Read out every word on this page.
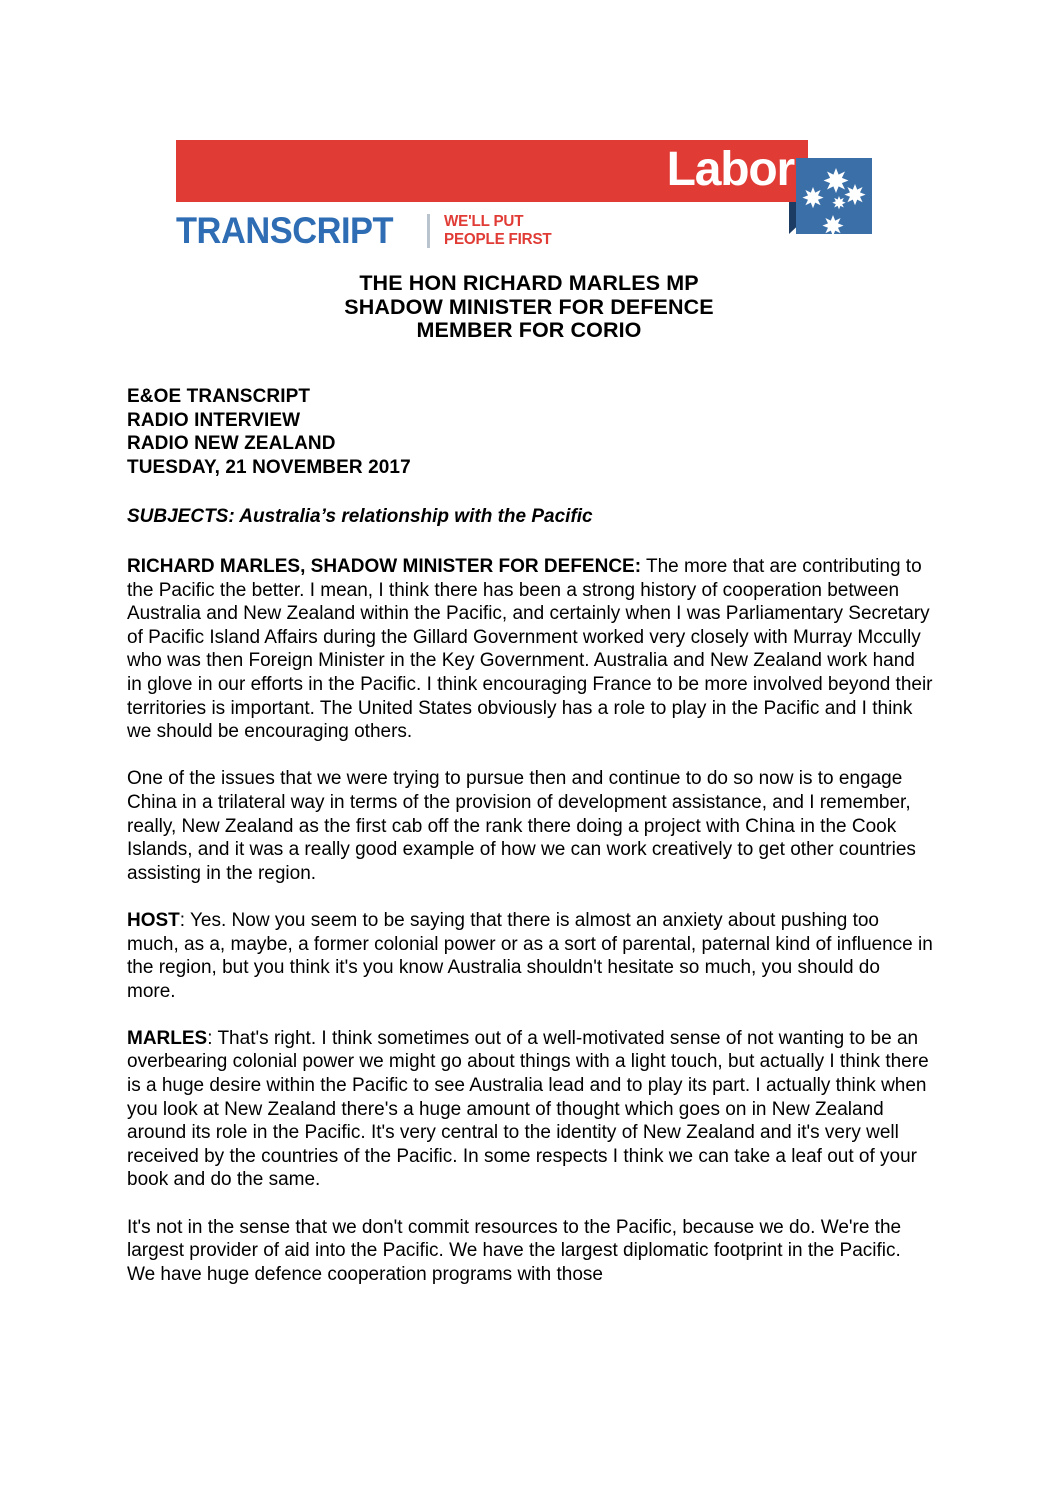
Labor
TRANSCRIPT	WE'LL PUT
PEOPLE FIRST
THE HON RICHARD MARLES MP
SHADOW MINISTER FOR DEFENCE
MEMBER FOR CORIO
E&OE TRANSCRIPT
RADIO INTERVIEW
RADIO NEW ZEALAND
TUESDAY, 21 NOVEMBER 2017
SUBJECTS: Australia’s relationship with the Pacific

RICHARD MARLES, SHADOW MINISTER FOR DEFENCE: The more that are contributing to the Pacific the better. I mean, I think there has been a strong history of cooperation between Australia and New Zealand within the Pacific, and certainly when I was Parliamentary Secretary of Pacific Island Affairs during the Gillard Government worked very closely with Murray Mccully who was then Foreign Minister in the Key Government. Australia and New Zealand work hand in glove in our efforts in the Pacific. I think encouraging France to be more involved beyond their territories is important. The United States obviously has a role to play in the Pacific and I think we should be encouraging others.

One of the issues that we were trying to pursue then and continue to do so now is to engage China in a trilateral way in terms of the provision of development assistance, and I remember, really, New Zealand as the first cab off the rank there doing a project with China in the Cook Islands, and it was a really good example of how we can work creatively to get other countries assisting in the region.

HOST: Yes. Now you seem to be saying that there is almost an anxiety about pushing too much, as a, maybe, a former colonial power or as a sort of parental, paternal kind of influence in the region, but you think it's you know Australia shouldn't hesitate so much, you should do more.

MARLES: That's right. I think sometimes out of a well-motivated sense of not wanting to be an overbearing colonial power we might go about things with a light touch, but actually I think there is a huge desire within the Pacific to see Australia lead and to play its part. I actually think when you look at New Zealand there's a huge amount of thought which goes on in New Zealand around its role in the Pacific. It's very central to the identity of New Zealand and it's very well received by the countries of the Pacific. In some respects I think we can take a leaf out of your book and do the same.

It's not in the sense that we don't commit resources to the Pacific, because we do. We're the largest provider of aid into the Pacific. We have the largest diplomatic footprint in the Pacific. We have huge defence cooperation programs with those
